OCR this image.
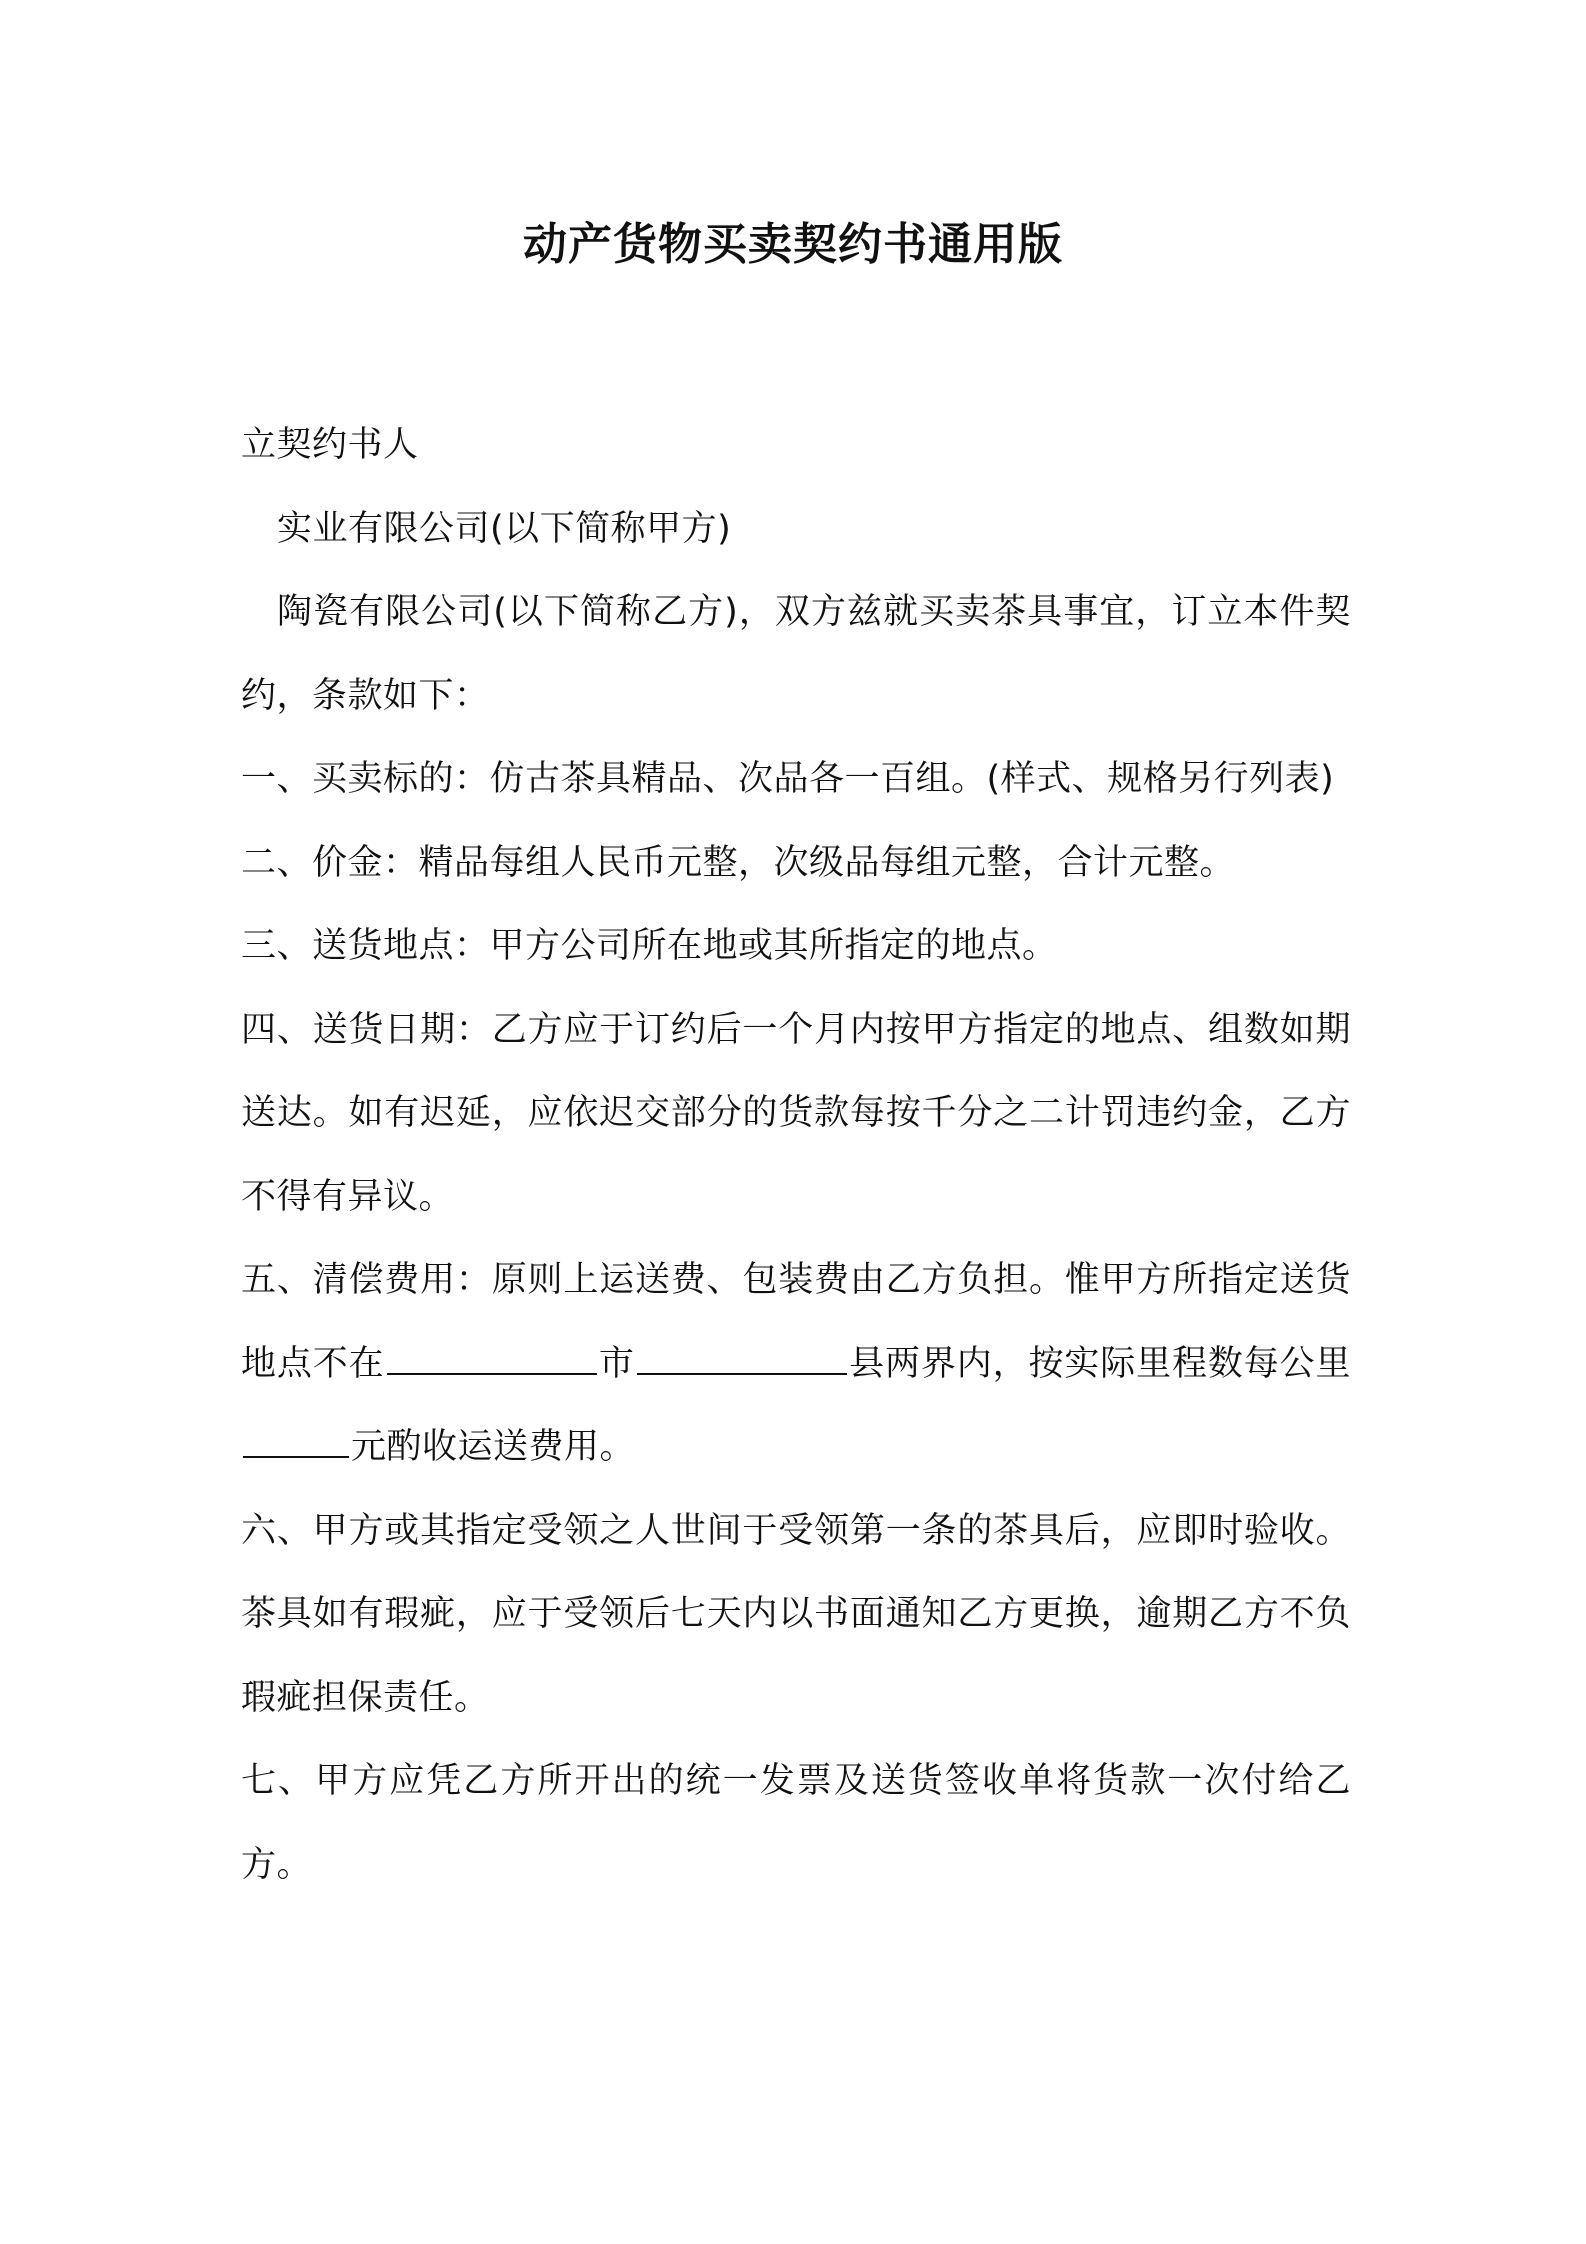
动产货物买卖契约书通用版

立契约书人

实业有限公司(以下简称甲方)

陶瓷有限公司(以下简称乙方)，双方兹就买卖茶具事宜，订立本件契约，条款如下：

一、买卖标的：仿古茶具精品、次品各一百组。(样式、规格另行列表)

二、价金：精品每组人民币元整，次级品每组元整，合计元整。

三、送货地点：甲方公司所在地或其所指定的地点。

四、送货日期：乙方应于订约后一个月内按甲方指定的地点、组数如期送达。如有迟延，应依迟交部分的货款每按千分之二计罚违约金，乙方不得有异议。

五、清偿费用：原则上运送费、包装费由乙方负担。惟甲方所指定送货地点不在	市	县两界内，按实际里程数每公里元酌收运送费用。

六、甲方或其指定受领之人世间于受领第一条的茶具后，应即时验收。茶具如有瑕疵，应于受领后七天内以书面通知乙方更换，逾期乙方不负瑕疵担保责任。

七、甲方应凭乙方所开出的统一发票及送货签收单将货款一次付给乙方。
